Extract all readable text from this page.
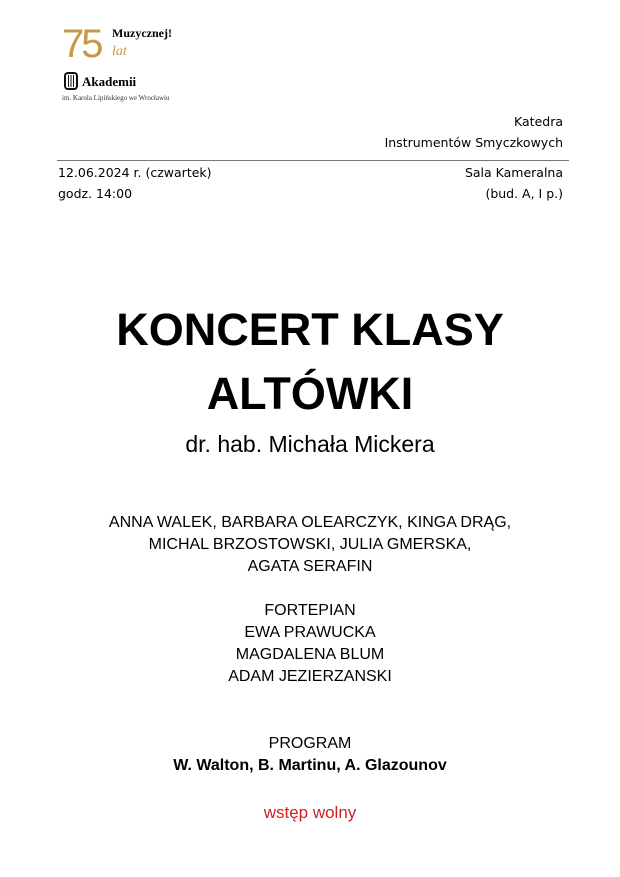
75 Muzycznej!
lat
Akademii
im. Karola Lipińskiego we Wrocławiu
Katedra
Instrumentów Smyczkowych
12.06.2024 r. (czwartek)
godz. 14:00
Sala Kameralna
(bud. A, I p.)
KONCERT KLASY
ALTÓWKI
dr. hab. Michała Mickera
ANNA WALEK, BARBARA OLEARCZYK, KINGA DRĄG,
MICHAL BRZOSTOWSKI, JULIA GMERSKA,
AGATA SERAFIN
FORTEPIAN
EWA PRAWUCKA
MAGDALENA BLUM
ADAM JEZIERZANSKI
PROGRAM
W. Walton, B. Martinu, A. Glazounov
wstęp wolny
